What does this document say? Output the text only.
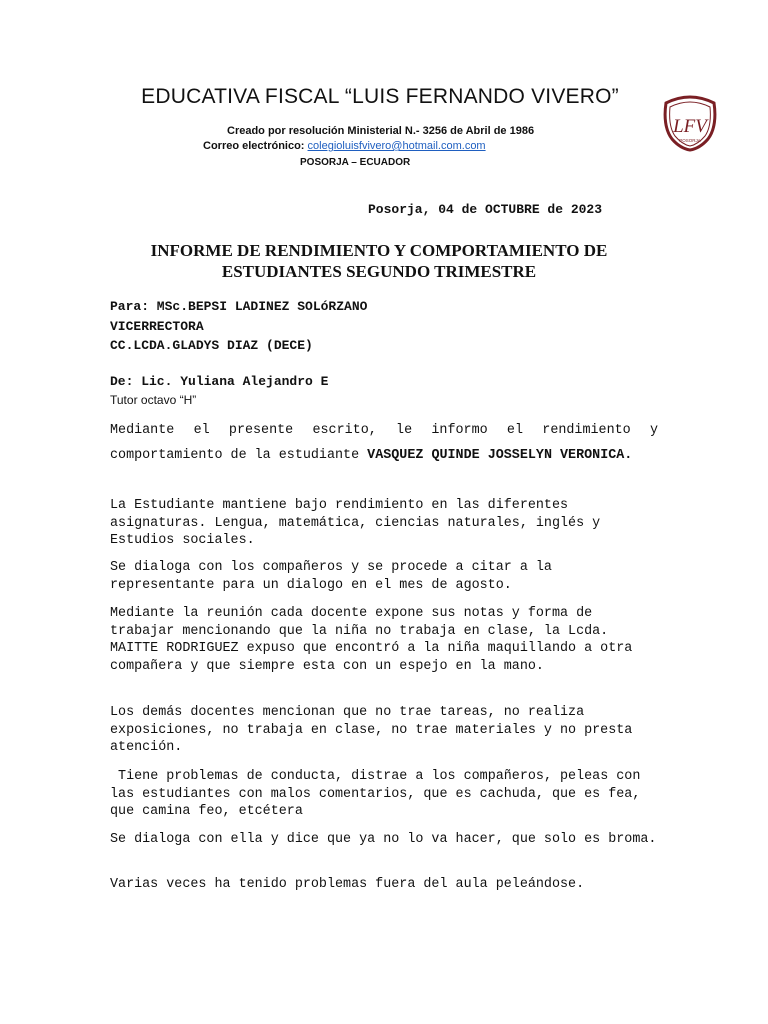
EDUCATIVA FISCAL “LUIS FERNANDO VIVERO”
LFV
POSORJA
Creado por resolución Ministerial N.- 3256 de Abril de 1986
Correo electrónico: colegioluisfvivero@hotmail.com.com
POSORJA – ECUADOR
Posorja, 04 de OCTUBRE de 2023
INFORME DE RENDIMIENTO Y COMPORTAMIENTO DE
ESTUDIANTES SEGUNDO TRIMESTRE
Para: MSc.BEPSI LADINEZ SOLóRZANO
VICERRECTORA
CC.LCDA.GLADYS DIAZ (DECE)
De: Lic. Yuliana Alejandro E
Tutor octavo “H”
Mediante el presente escrito, le informo el rendimiento y comportamiento de la estudiante VASQUEZ QUINDE JOSSELYN VERONICA.
La Estudiante mantiene bajo rendimiento en las diferentes asignaturas. Lengua, matemática, ciencias naturales, inglés y Estudios sociales.
Se dialoga con los compañeros y se procede a citar a la representante para un dialogo en el mes de agosto.
Mediante la reunión cada docente expone sus notas y forma de trabajar mencionando que la niña no trabaja en clase, la Lcda. MAITTE RODRIGUEZ expuso que encontró a la niña maquillando a otra compañera y que siempre esta con un espejo en la mano.
Los demás docentes mencionan que no trae tareas, no realiza exposiciones, no trabaja en clase, no trae materiales y no presta atención.
Tiene problemas de conducta, distrae a los compañeros, peleas con las estudiantes con malos comentarios, que es cachuda, que es fea, que camina feo, etcétera
Se dialoga con ella y dice que ya no lo va hacer, que solo es broma.
Varias veces ha tenido problemas fuera del aula peleándose.
